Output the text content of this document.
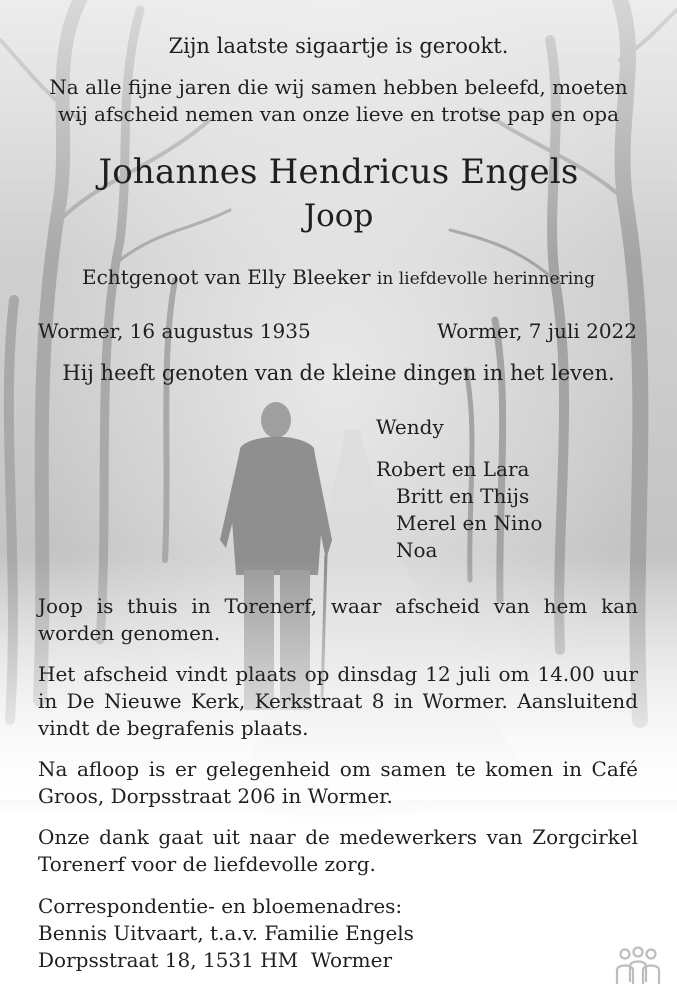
Zijn laatste sigaartje is gerookt.

Na alle fijne jaren die wij samen hebben beleefd, moeten

wij afscheid nemen van onze lieve en trotse pap en opa

Johannes Hendricus Engels

Joop

Echtgenoot van Elly Bleeker in liefdevolle herinnering

Wormer, 16 augustus 1935	Wormer, 7 juli 2022

Hij heeft genoten van de kleine dingen in het leven.

Wendy

Robert en Lara

Britt en Thijs

Merel en Nino

Noa

Joop is thuis in Torenerf, waar afscheid van hem kan worden genomen.

Het afscheid vindt plaats op dinsdag 12 juli om 14.00 uur in De Nieuwe Kerk, Kerkstraat 8 in Wormer. Aansluitend vindt de begrafenis plaats.

Na afloop is er gelegenheid om samen te komen in Café Groos, Dorpsstraat 206 in Wormer.

Onze dank gaat uit naar de medewerkers van Zorgcirkel Torenerf voor de liefdevolle zorg.

Correspondentie- en bloemenadres:

Bennis Uitvaart, t.a.v. Familie Engels

Dorpsstraat 18, 1531 HM  Wormer
